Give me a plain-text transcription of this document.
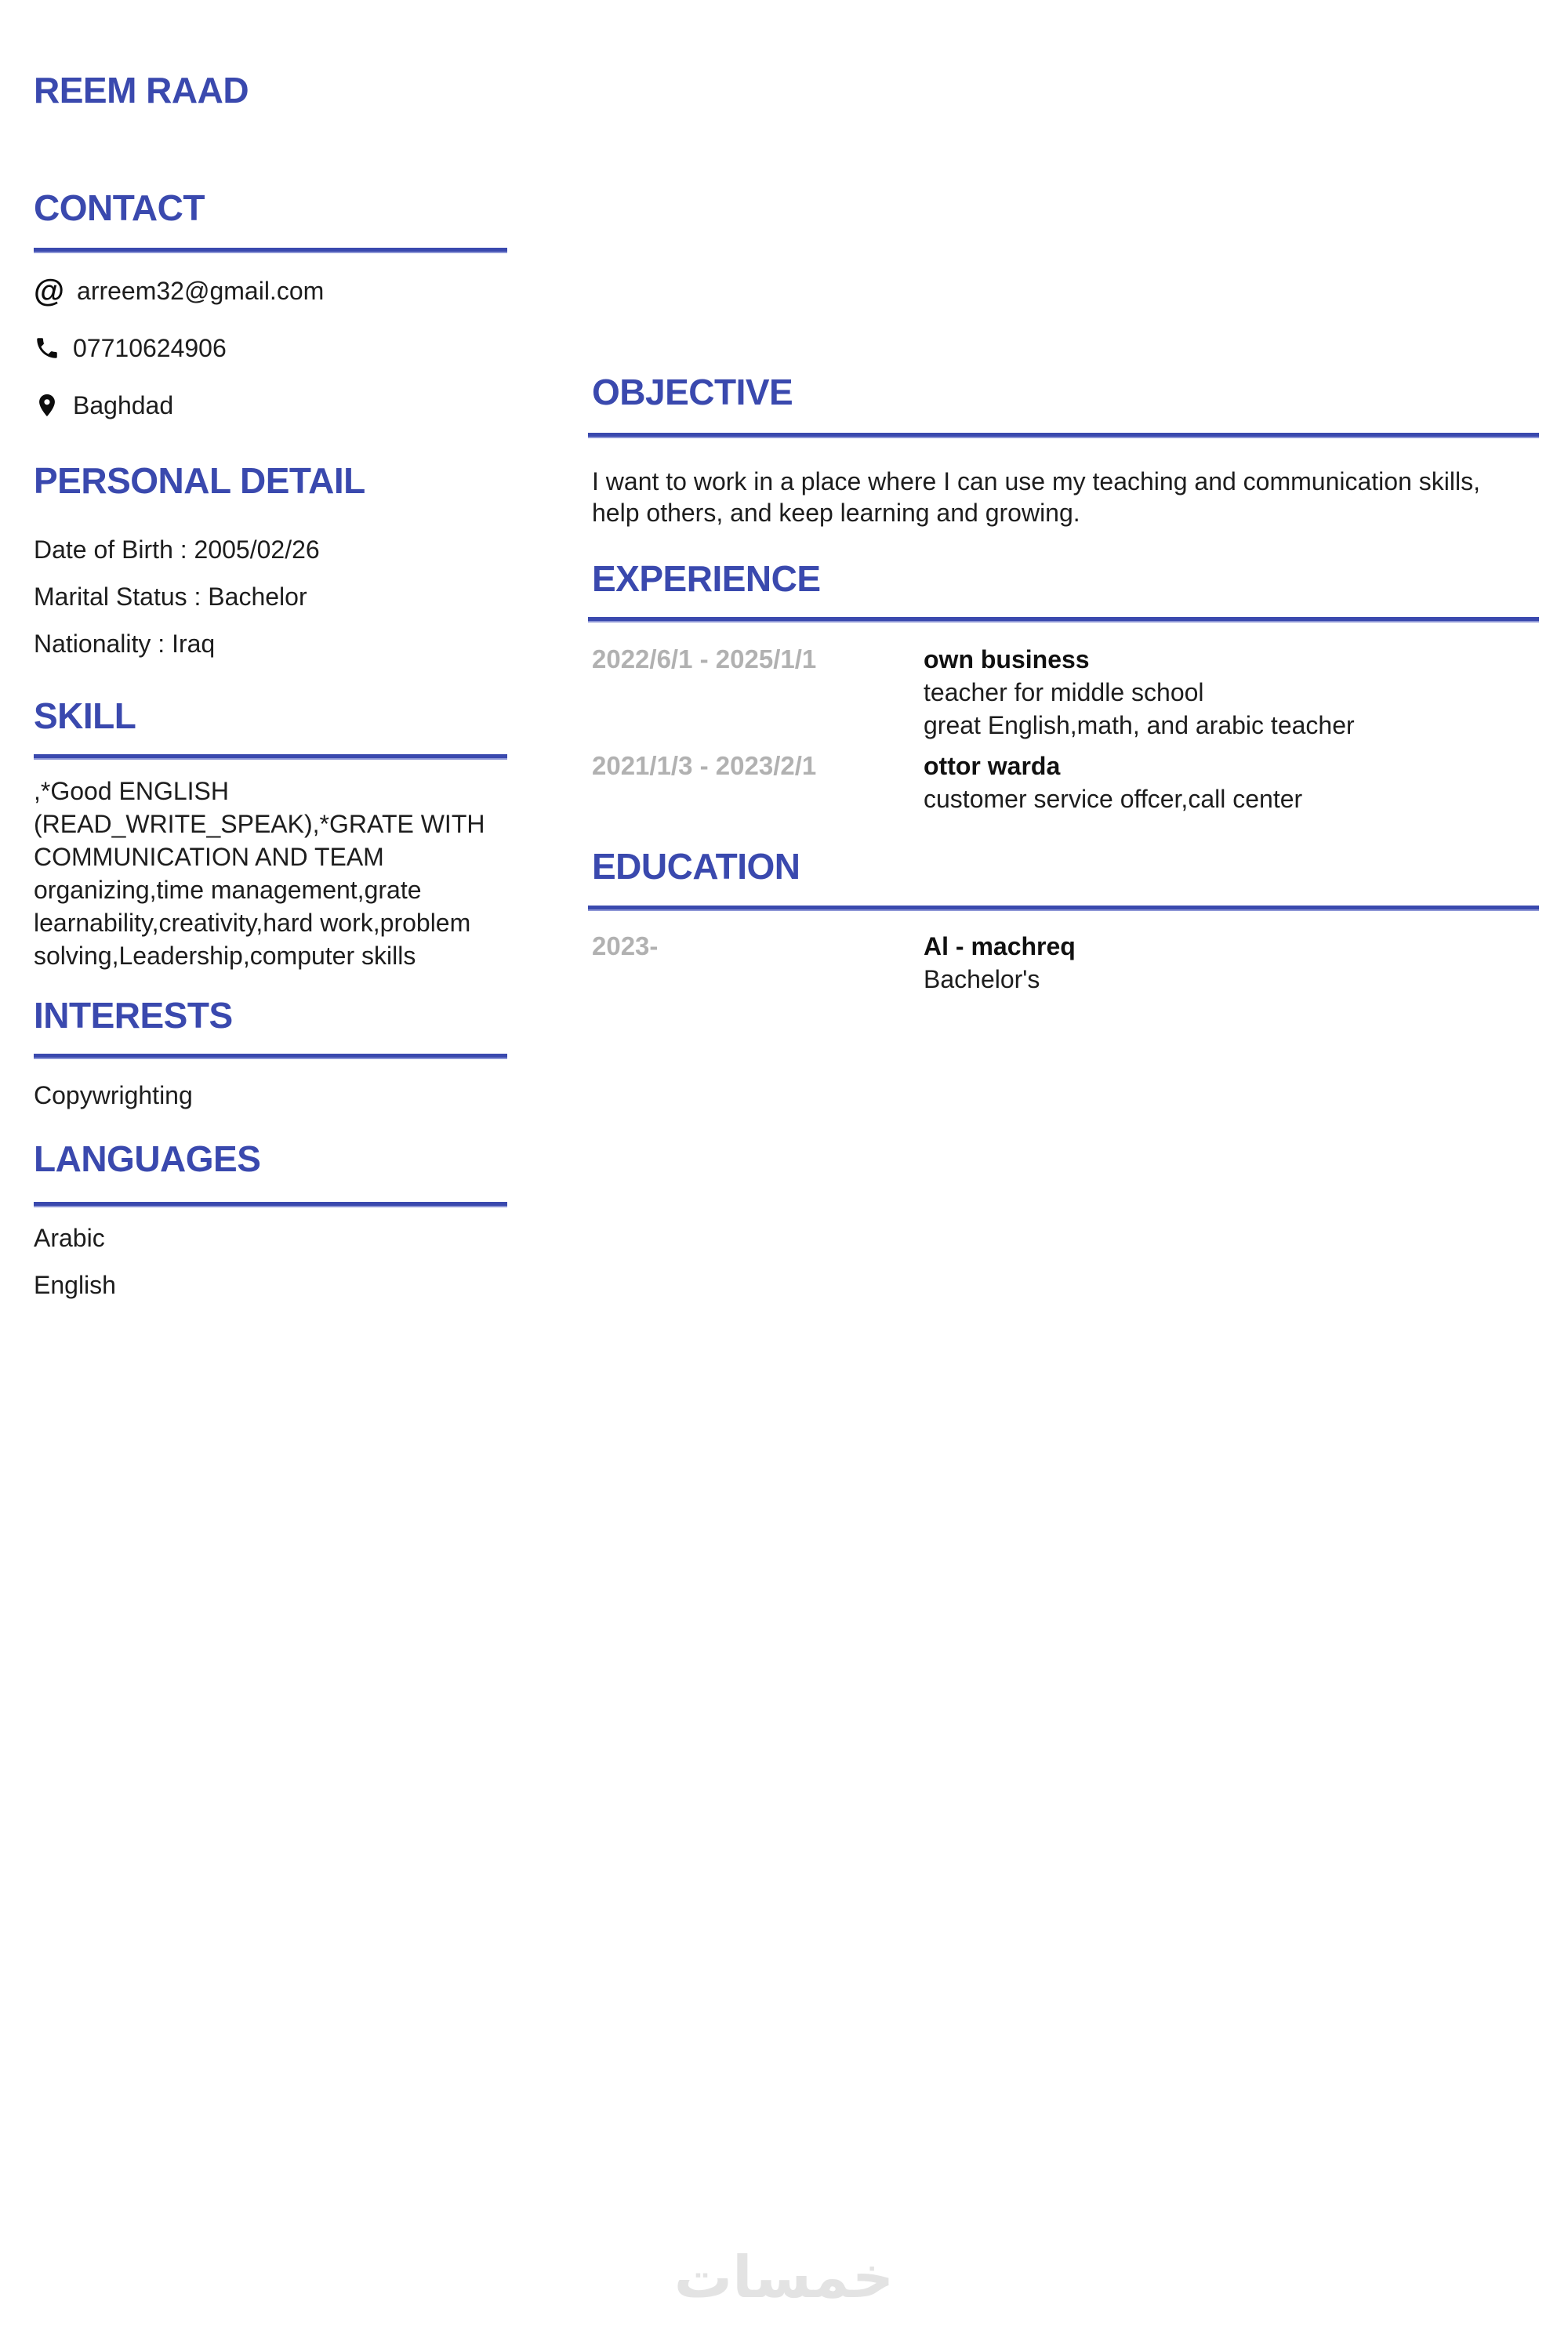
REEM RAAD
CONTACT
@ arreem32@gmail.com
07710624906
Baghdad
PERSONAL DETAIL
Date of Birth : 2005/02/26
Marital Status : Bachelor
Nationality : Iraq
SKILL
,*Good ENGLISH
(READ_WRITE_SPEAK),*GRATE WITH
COMMUNICATION AND TEAM
organizing,time management,grate
learnability,creativity,hard work,problem
solving,Leadership,computer skills
INTERESTS
Copywrighting
LANGUAGES
Arabic
English
OBJECTIVE
I want to work in a place where I can use my teaching and communication skills,
help others, and keep learning and growing.
EXPERIENCE
2022/6/1 - 2025/1/1	own business
teacher for middle school
great English,math, and arabic teacher
2021/1/3 - 2023/2/1	ottor warda
customer service offcer,call center
EDUCATION
2023-	Al - machreq
Bachelor's
خمسات
